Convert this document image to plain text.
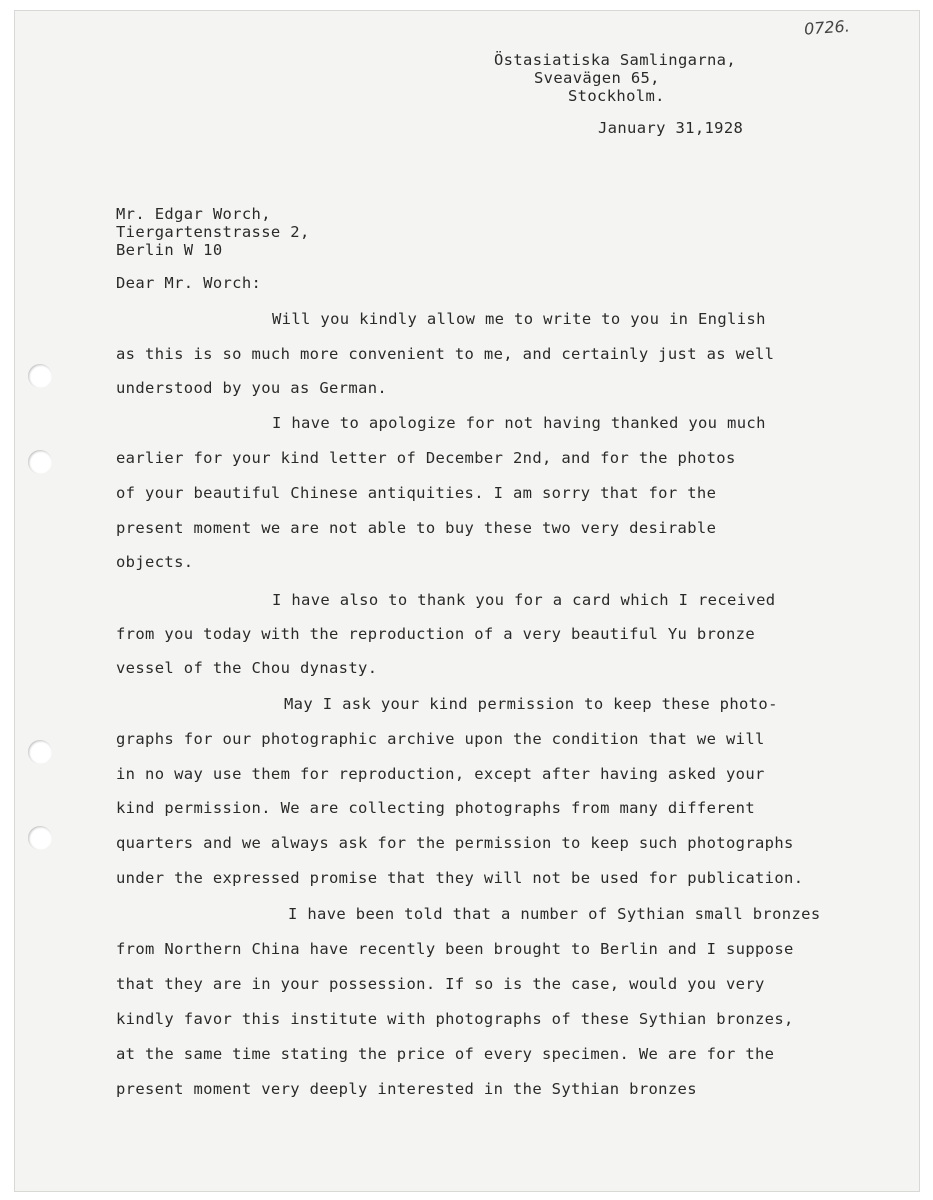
0726.
Östasiatiska Samlingarna,
Sveavägen 65,
Stockholm.
January 31,1928
Mr. Edgar Worch,
Tiergartenstrasse 2,
Berlin W 10
Dear Mr. Worch:
Will you kindly allow me to write to you in English
as this is so much more convenient to me, and certainly just as well
understood by you as German.
I have to apologize for not having thanked you much
earlier for your kind letter of December 2nd, and for the photos
of your beautiful Chinese antiquities. I am sorry that for the
present moment we are not able to buy these two very desirable
objects.
I have also to thank you for a card which I received
from you today with the reproduction of a very beautiful Yu bronze
vessel of the Chou dynasty.
May I ask your kind permission to keep these photo-
graphs for our photographic archive upon the condition that we will
in no way use them for reproduction, except after having asked your
kind permission. We are collecting photographs from many different
quarters and we always ask for the permission to keep such photographs
under the expressed promise that they will not be used for publication.
I have been told that a number of Sythian small bronzes
from Northern China have recently been brought to Berlin and I suppose
that they are in your possession. If so is the case, would you very
kindly favor this institute with photographs of these Sythian bronzes,
at the same time stating the price of every specimen. We are for the
present moment very deeply interested in the Sythian bronzes
